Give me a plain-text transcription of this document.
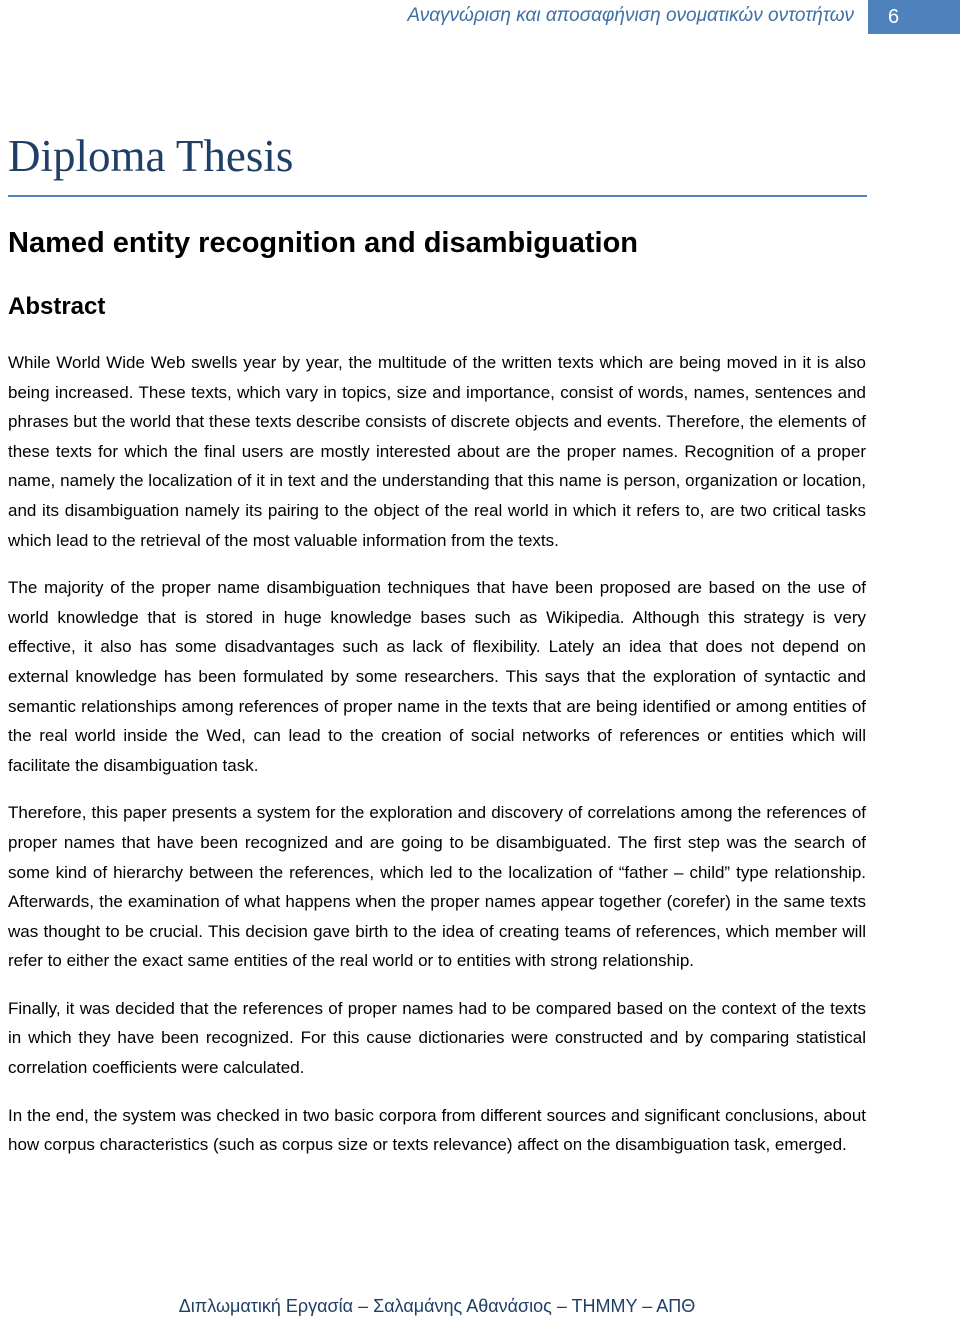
Αναγνώριση και αποσαφήνιση ονοματικών οντοτήτων	6
Diploma Thesis
Named entity recognition and disambiguation
Abstract

While World Wide Web swells year by year, the multitude of the written texts which are being moved in it is also being increased. These texts, which vary in topics, size and importance, consist of words, names, sentences and phrases but the world that these texts describe consists of discrete objects and events. Therefore, the elements of these texts for which the final users are mostly interested about are the proper names. Recognition of a proper name, namely the localization of it in text and the understanding that this name is person, organization or location, and its disambiguation namely its pairing to the object of the real world in which it refers to, are two critical tasks which lead to the retrieval of the most valuable information from the texts.

The majority of the proper name disambiguation techniques that have been proposed are based on the use of world knowledge that is stored in huge knowledge bases such as Wikipedia. Although this strategy is very effective, it also has some disadvantages such as lack of flexibility. Lately an idea that does not depend on external knowledge has been formulated by some researchers. This says that the exploration of syntactic and semantic relationships among references of proper name in the texts that are being identified or among entities of the real world inside the Wed, can lead to the creation of social networks of references or entities which will facilitate the disambiguation task.

Therefore, this paper presents a system for the exploration and discovery of correlations among the references of proper names that have been recognized and are going to be disambiguated. The first step was the search of some kind of hierarchy between the references, which led to the localization of “father – child” type relationship. Afterwards, the examination of what happens when the proper names appear together (corefer) in the same texts was thought to be crucial. This decision gave birth to the idea of creating teams of references, which member will refer to either the exact same entities of the real world or to entities with strong relationship.

Finally, it was decided that the references of proper names had to be compared based on the context of the texts in which they have been recognized. For this cause dictionaries were constructed and by comparing statistical correlation coefficients were calculated.

In the end, the system was checked in two basic corpora from different sources and significant conclusions, about how corpus characteristics (such as corpus size or texts relevance) affect on the disambiguation task, emerged.

Διπλωματική Εργασία – Σαλαμάνης Αθανάσιος – ΤΗΜΜΥ – ΑΠΘ
